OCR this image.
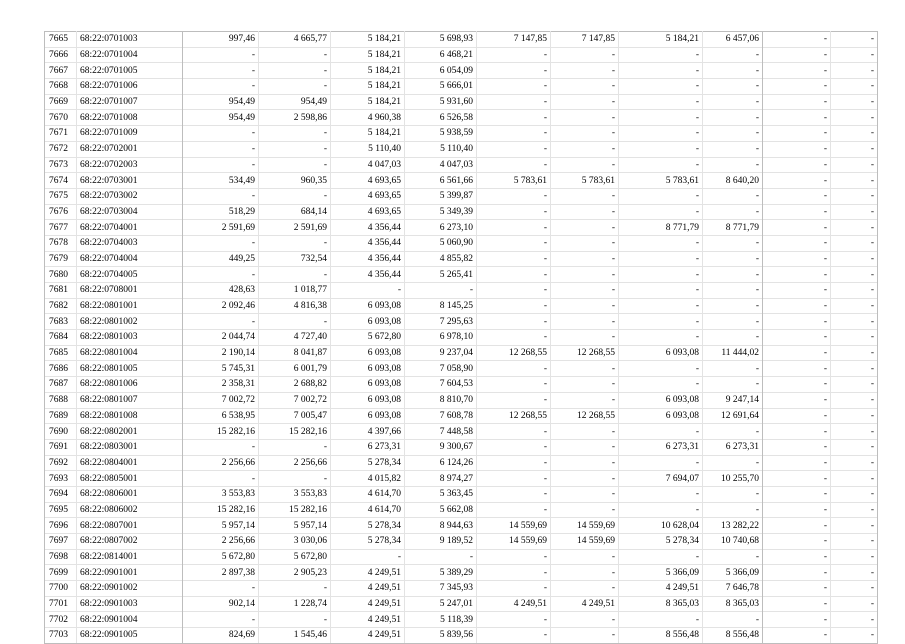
7665	68:22:0701003	997,46	4 665,77	5 184,21	5 698,93	7 147,85	7 147,85	5 184,21	6 457,06	-	-
7666	68:22:0701004	-	-	5 184,21	6 468,21	-	-	-	-	-	-
7667	68:22:0701005	-	-	5 184,21	6 054,09	-	-	-	-	-	-
7668	68:22:0701006	-	-	5 184,21	5 666,01	-	-	-	-	-	-
7669	68:22:0701007	954,49	954,49	5 184,21	5 931,60	-	-	-	-	-	-
7670	68:22:0701008	954,49	2 598,86	4 960,38	6 526,58	-	-	-	-	-	-
7671	68:22:0701009	-	-	5 184,21	5 938,59	-	-	-	-	-	-
7672	68:22:0702001	-	-	5 110,40	5 110,40	-	-	-	-	-	-
7673	68:22:0702003	-	-	4 047,03	4 047,03	-	-	-	-	-	-
7674	68:22:0703001	534,49	960,35	4 693,65	6 561,66	5 783,61	5 783,61	5 783,61	8 640,20	-	-
7675	68:22:0703002	-	-	4 693,65	5 399,87	-	-	-	-	-	-
7676	68:22:0703004	518,29	684,14	4 693,65	5 349,39	-	-	-	-	-	-
7677	68:22:0704001	2 591,69	2 591,69	4 356,44	6 273,10	-	-	8 771,79	8 771,79	-	-
7678	68:22:0704003	-	-	4 356,44	5 060,90	-	-	-	-	-	-
7679	68:22:0704004	449,25	732,54	4 356,44	4 855,82	-	-	-	-	-	-
7680	68:22:0704005	-	-	4 356,44	5 265,41	-	-	-	-	-	-
7681	68:22:0708001	428,63	1 018,77	-	-	-	-	-	-	-	-
7682	68:22:0801001	2 092,46	4 816,38	6 093,08	8 145,25	-	-	-	-	-	-
7683	68:22:0801002	-	-	6 093,08	7 295,63	-	-	-	-	-	-
7684	68:22:0801003	2 044,74	4 727,40	5 672,80	6 978,10	-	-	-	-	-	-
7685	68:22:0801004	2 190,14	8 041,87	6 093,08	9 237,04	12 268,55	12 268,55	6 093,08	11 444,02	-	-
7686	68:22:0801005	5 745,31	6 001,79	6 093,08	7 058,90	-	-	-	-	-	-
7687	68:22:0801006	2 358,31	2 688,82	6 093,08	7 604,53	-	-	-	-	-	-
7688	68:22:0801007	7 002,72	7 002,72	6 093,08	8 810,70	-	-	6 093,08	9 247,14	-	-
7689	68:22:0801008	6 538,95	7 005,47	6 093,08	7 608,78	12 268,55	12 268,55	6 093,08	12 691,64	-	-
7690	68:22:0802001	15 282,16	15 282,16	4 397,66	7 448,58	-	-	-	-	-	-
7691	68:22:0803001	-	-	6 273,31	9 300,67	-	-	6 273,31	6 273,31	-	-
7692	68:22:0804001	2 256,66	2 256,66	5 278,34	6 124,26	-	-	-	-	-	-
7693	68:22:0805001	-	-	4 015,82	8 974,27	-	-	7 694,07	10 255,70	-	-
7694	68:22:0806001	3 553,83	3 553,83	4 614,70	5 363,45	-	-	-	-	-	-
7695	68:22:0806002	15 282,16	15 282,16	4 614,70	5 662,08	-	-	-	-	-	-
7696	68:22:0807001	5 957,14	5 957,14	5 278,34	8 944,63	14 559,69	14 559,69	10 628,04	13 282,22	-	-
7697	68:22:0807002	2 256,66	3 030,06	5 278,34	9 189,52	14 559,69	14 559,69	5 278,34	10 740,68	-	-
7698	68:22:0814001	5 672,80	5 672,80	-	-	-	-	-	-	-	-
7699	68:22:0901001	2 897,38	2 905,23	4 249,51	5 389,29	-	-	5 366,09	5 366,09	-	-
7700	68:22:0901002	-	-	4 249,51	7 345,93	-	-	4 249,51	7 646,78	-	-
7701	68:22:0901003	902,14	1 228,74	4 249,51	5 247,01	4 249,51	4 249,51	8 365,03	8 365,03	-	-
7702	68:22:0901004	-	-	4 249,51	5 118,39	-	-	-	-	-	-
7703	68:22:0901005	824,69	1 545,46	4 249,51	5 839,56	-	-	8 556,48	8 556,48	-	-
